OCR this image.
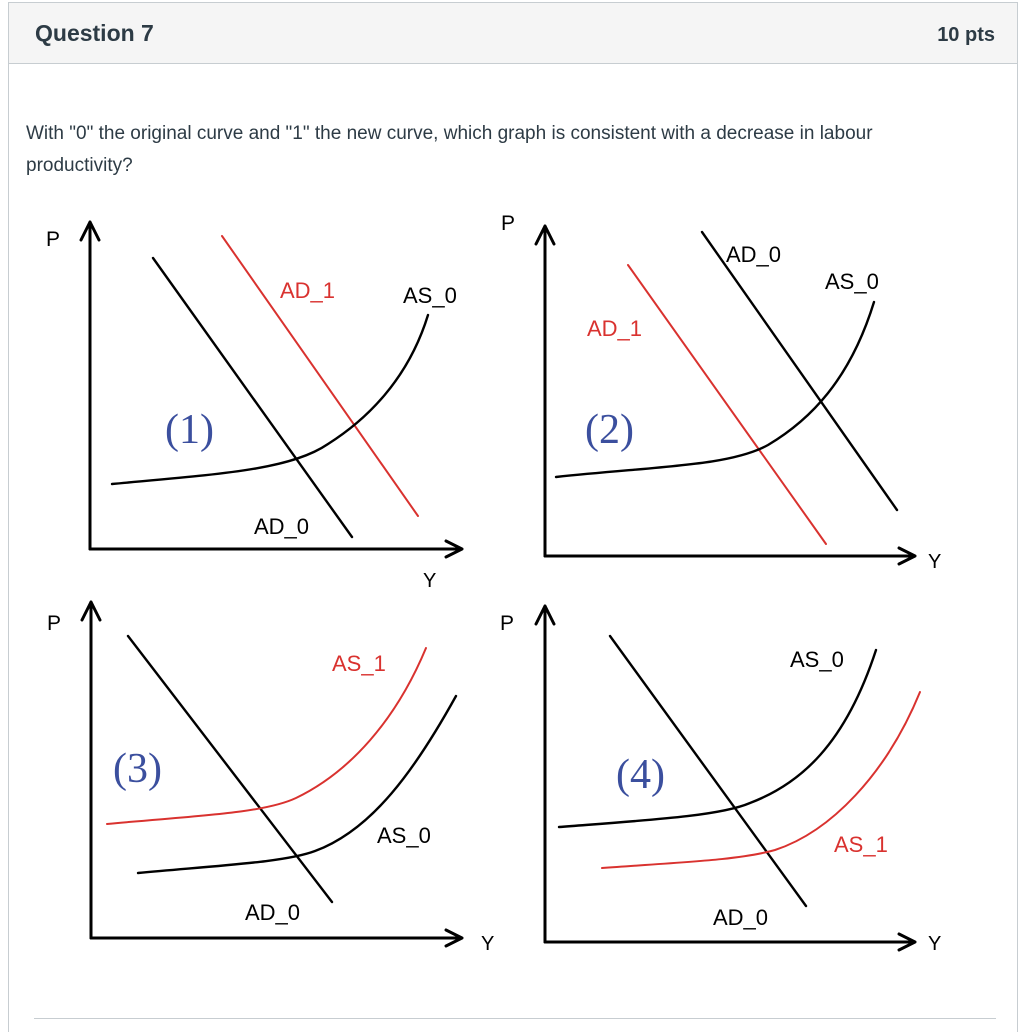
Question 7	10 pts
With "0" the original curve and "1" the new curve, which graph is consistent with a decrease in labour productivity?
P
Y
P
Y
P
Y
P
Y
(1)	(2)
(3)	(4)
AD_1	AS_0
AD_0
AD_0
AS_0
AD_1
AS_1
AS_0
AD_0
AS_0
AS_1
AD_0
